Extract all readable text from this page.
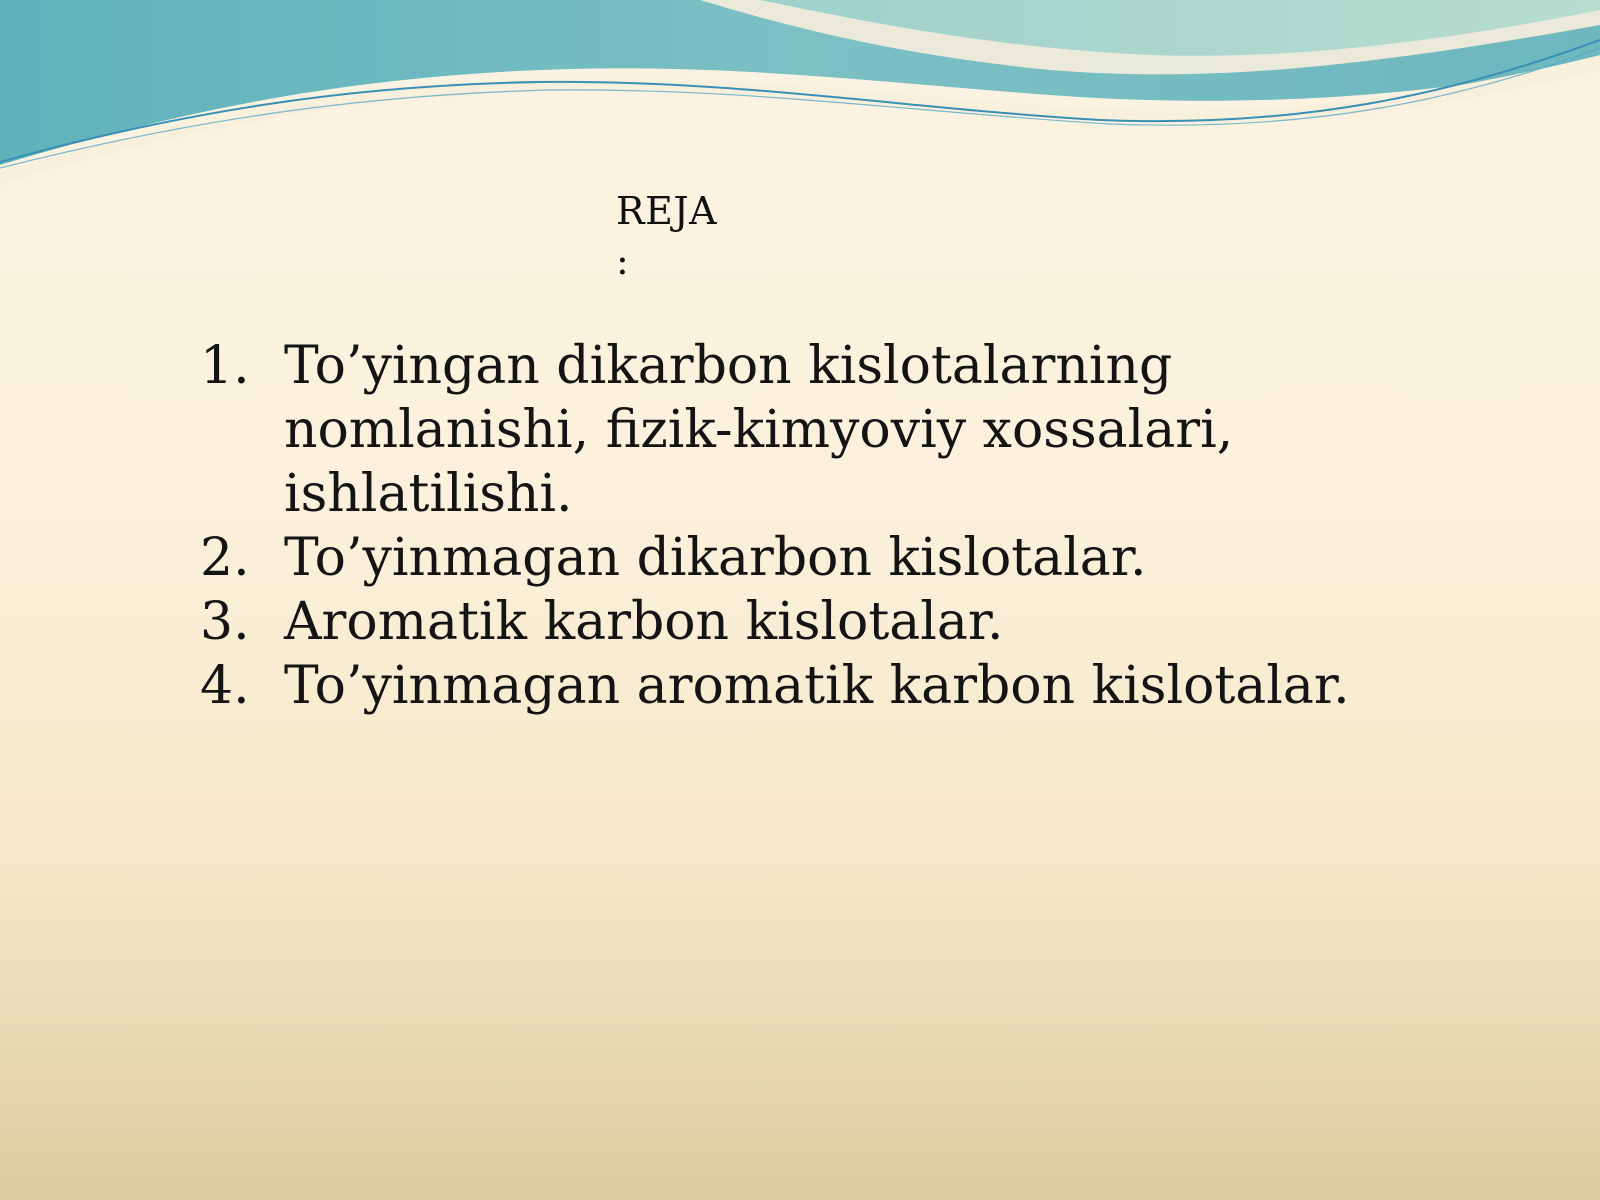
REJA
:
1. To’yingan dikarbon kislotalarning nomlanishi, fizik-kimyoviy xossalari, ishlatilishi.
2. To’yinmagan dikarbon kislotalar.
3. Aromatik karbon kislotalar.
4. To’yinmagan aromatik karbon kislotalar.
